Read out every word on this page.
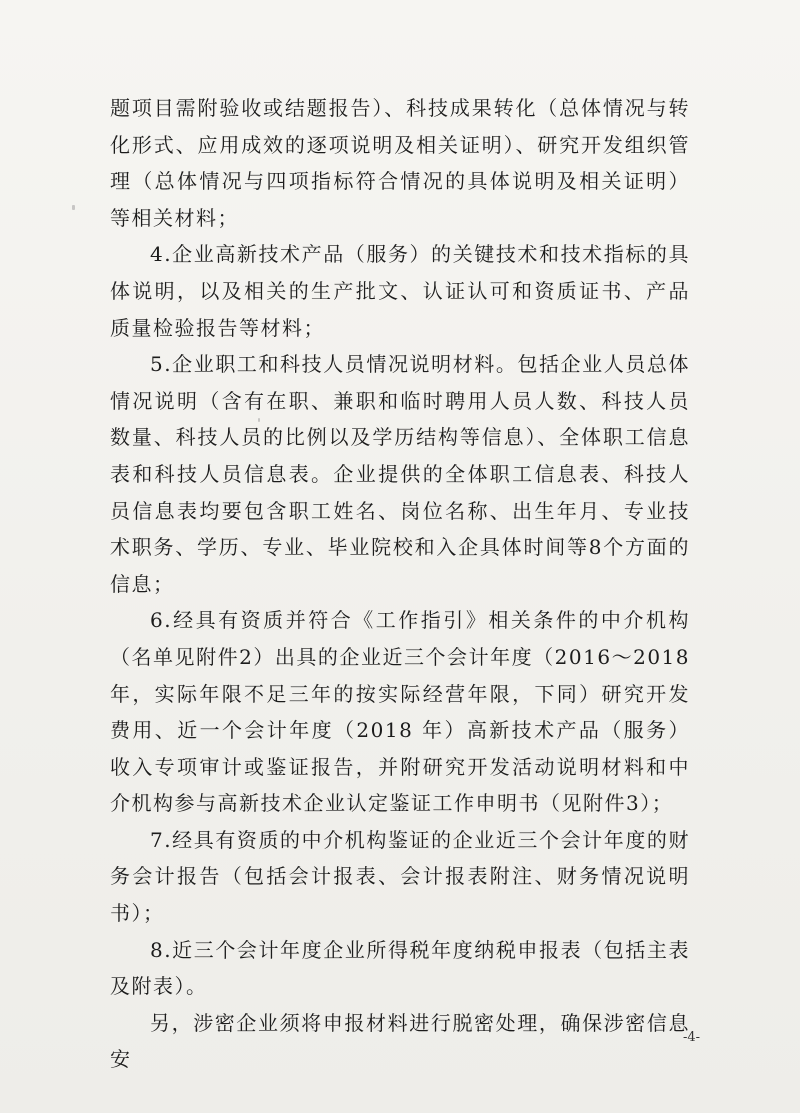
题项目需附验收或结题报告）、科技成果转化（总体情况与转化形式、应用成效的逐项说明及相关证明）、研究开发组织管理（总体情况与四项指标符合情况的具体说明及相关证明）等相关材料；

4.企业高新技术产品（服务）的关键技术和技术指标的具体说明，以及相关的生产批文、认证认可和资质证书、产品质量检验报告等材料；

5.企业职工和科技人员情况说明材料。包括企业人员总体情况说明（含有在职、兼职和临时聘用人员人数、科技人员数量、科技人员的比例以及学历结构等信息）、全体职工信息表和科技人员信息表。企业提供的全体职工信息表、科技人员信息表均要包含职工姓名、岗位名称、出生年月、专业技术职务、学历、专业、毕业院校和入企具体时间等8个方面的信息；

6.经具有资质并符合《工作指引》相关条件的中介机构（名单见附件2）出具的企业近三个会计年度（2016～2018年，实际年限不足三年的按实际经营年限，下同）研究开发费用、近一个会计年度（2018 年）高新技术产品（服务）收入专项审计或鉴证报告，并附研究开发活动说明材料和中介机构参与高新技术企业认定鉴证工作申明书（见附件3）；

7.经具有资质的中介机构鉴证的企业近三个会计年度的财务会计报告（包括会计报表、会计报表附注、财务情况说明书）；

8.近三个会计年度企业所得税年度纳税申报表（包括主表及附表）。

另，涉密企业须将申报材料进行脱密处理，确保涉密信息安

-4-
